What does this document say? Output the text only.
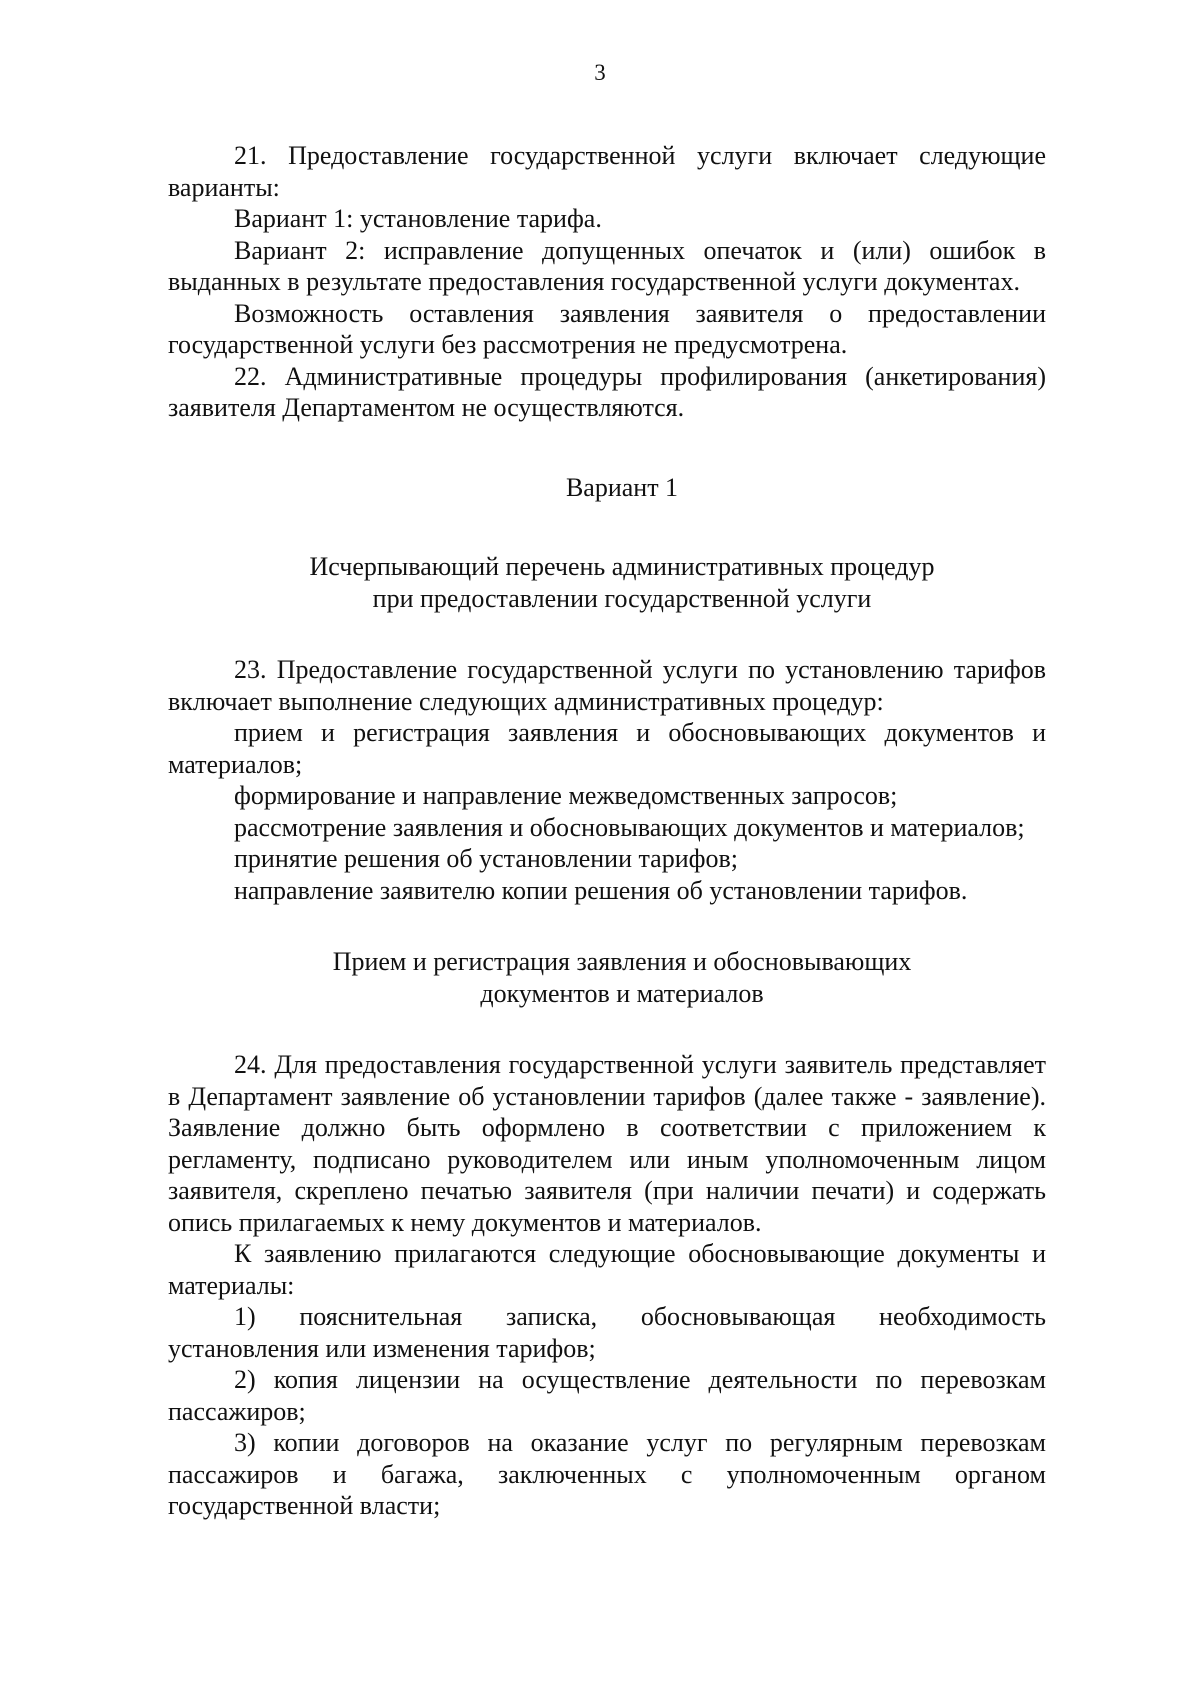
3

21. Предоставление государственной услуги включает следующие варианты:

Вариант 1: установление тарифа.

Вариант 2: исправление допущенных опечаток и (или) ошибок в выданных в результате предоставления государственной услуги документах.

Возможность оставления заявления заявителя о предоставлении государственной услуги без рассмотрения не предусмотрена.

22. Административные процедуры профилирования (анкетирования) заявителя Департаментом не осуществляются.

Вариант 1

Исчерпывающий перечень административных процедур

при предоставлении государственной услуги

23. Предоставление государственной услуги по установлению тарифов включает выполнение следующих административных процедур:

прием и регистрация заявления и обосновывающих документов и материалов;

формирование и направление межведомственных запросов;

рассмотрение заявления и обосновывающих документов и материалов;

принятие решения об установлении тарифов;

направление заявителю копии решения об установлении тарифов.

Прием и регистрация заявления и обосновывающих

документов и материалов

24. Для предоставления государственной услуги заявитель представляет в Департамент заявление об установлении тарифов (далее также - заявление). Заявление должно быть оформлено в соответствии с приложением к регламенту, подписано руководителем или иным уполномоченным лицом заявителя, скреплено печатью заявителя (при наличии печати) и содержать опись прилагаемых к нему документов и материалов.

К заявлению прилагаются следующие обосновывающие документы и материалы:

1) пояснительная записка, обосновывающая необходимость установления или изменения тарифов;

2) копия лицензии на осуществление деятельности по перевозкам пассажиров;

3) копии договоров на оказание услуг по регулярным перевозкам пассажиров и багажа, заключенных с уполномоченным органом государственной власти;
